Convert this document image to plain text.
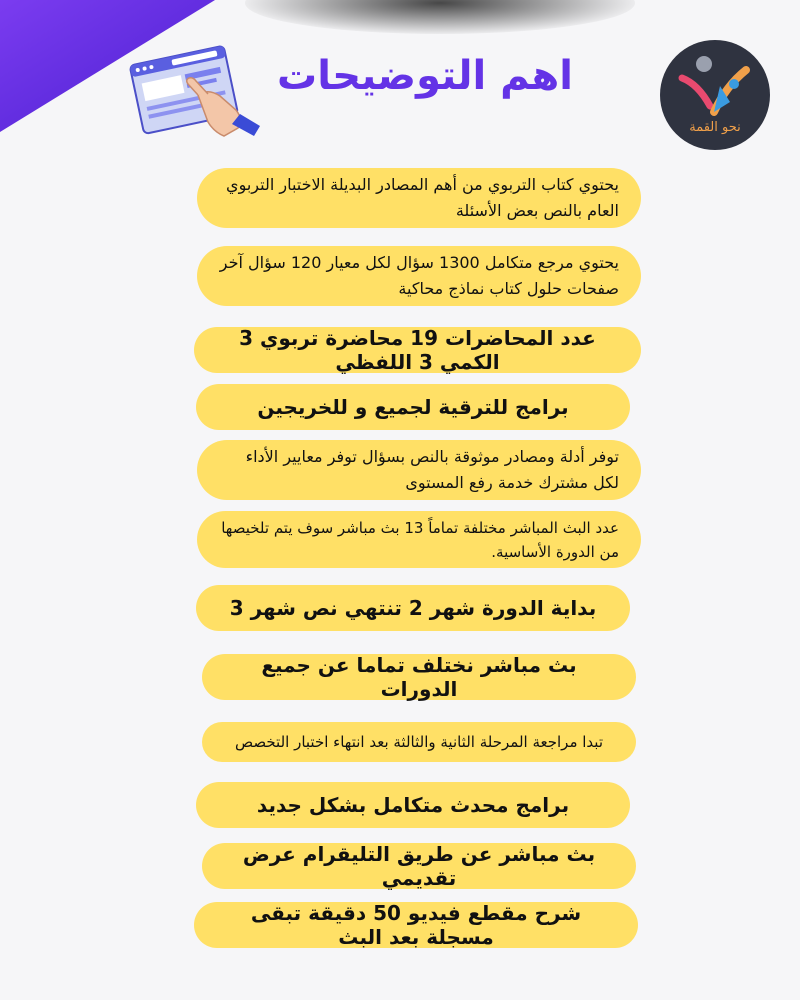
اهم التوضيحات
نحو القمة
يحتوي كتاب التربوي من أهم المصادر البديلة الاختبار التربوي العام بالنص بعض الأسئلة
يحتوي مرجع متكامل 1300 سؤال لكل معيار 120 سؤال آخر صفحات حلول كتاب نماذج محاكية
عدد المحاضرات 19 محاضرة تربوي 3 الكمي 3 اللفظي
برامج للترقية لجميع و للخريجين
توفر أدلة ومصادر موثوقة بالنص بسؤال توفر معايير الأداء لكل مشترك خدمة رفع المستوى
عدد البث المباشر مختلفة تماماً 13 بث مباشر سوف يتم تلخيصها من الدورة الأساسية.
بداية الدورة شهر 2 تنتهي نص شهر 3
بث مباشر نختلف تماما عن جميع الدورات
تبدا مراجعة المرحلة الثانية والثالثة بعد انتهاء اختبار التخصص
برامج محدث متكامل بشكل جديد
بث مباشر عن طريق التليقرام عرض تقديمي
شرح مقطع فيديو 50 دقيقة تبقى مسجلة بعد البث
